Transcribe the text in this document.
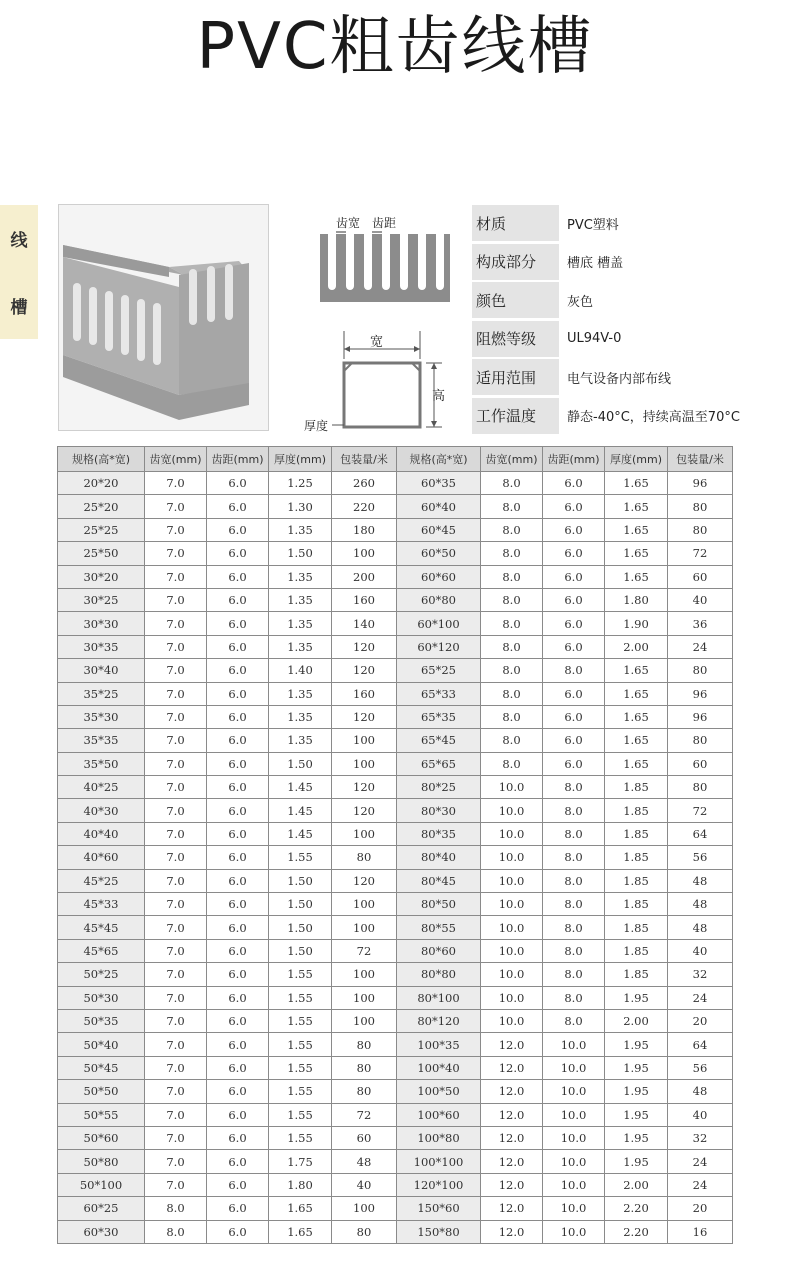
PVC粗齿线槽
线
槽
齿宽 齿距
宽
高
厚度
材质	PVC塑料
构成部分	槽底 槽盖
颜色	灰色
阻燃等级	UL94V-0
适用范围	电气设备内部布线
工作温度	静态-40°C，持续高温至70°C
规格(高*宽)	齿宽(mm)	齿距(mm)	厚度(mm)	包装量/米	规格(高*宽)	齿宽(mm)	齿距(mm)	厚度(mm)	包装量/米
20*20	7.0	6.0	1.25	260	60*35	8.0	6.0	1.65	96
25*20	7.0	6.0	1.30	220	60*40	8.0	6.0	1.65	80
25*25	7.0	6.0	1.35	180	60*45	8.0	6.0	1.65	80
25*50	7.0	6.0	1.50	100	60*50	8.0	6.0	1.65	72
30*20	7.0	6.0	1.35	200	60*60	8.0	6.0	1.65	60
30*25	7.0	6.0	1.35	160	60*80	8.0	6.0	1.80	40
30*30	7.0	6.0	1.35	140	60*100	8.0	6.0	1.90	36
30*35	7.0	6.0	1.35	120	60*120	8.0	6.0	2.00	24
30*40	7.0	6.0	1.40	120	65*25	8.0	8.0	1.65	80
35*25	7.0	6.0	1.35	160	65*33	8.0	6.0	1.65	96
35*30	7.0	6.0	1.35	120	65*35	8.0	6.0	1.65	96
35*35	7.0	6.0	1.35	100	65*45	8.0	6.0	1.65	80
35*50	7.0	6.0	1.50	100	65*65	8.0	6.0	1.65	60
40*25	7.0	6.0	1.45	120	80*25	10.0	8.0	1.85	80
40*30	7.0	6.0	1.45	120	80*30	10.0	8.0	1.85	72
40*40	7.0	6.0	1.45	100	80*35	10.0	8.0	1.85	64
40*60	7.0	6.0	1.55	80	80*40	10.0	8.0	1.85	56
45*25	7.0	6.0	1.50	120	80*45	10.0	8.0	1.85	48
45*33	7.0	6.0	1.50	100	80*50	10.0	8.0	1.85	48
45*45	7.0	6.0	1.50	100	80*55	10.0	8.0	1.85	48
45*65	7.0	6.0	1.50	72	80*60	10.0	8.0	1.85	40
50*25	7.0	6.0	1.55	100	80*80	10.0	8.0	1.85	32
50*30	7.0	6.0	1.55	100	80*100	10.0	8.0	1.95	24
50*35	7.0	6.0	1.55	100	80*120	10.0	8.0	2.00	20
50*40	7.0	6.0	1.55	80	100*35	12.0	10.0	1.95	64
50*45	7.0	6.0	1.55	80	100*40	12.0	10.0	1.95	56
50*50	7.0	6.0	1.55	80	100*50	12.0	10.0	1.95	48
50*55	7.0	6.0	1.55	72	100*60	12.0	10.0	1.95	40
50*60	7.0	6.0	1.55	60	100*80	12.0	10.0	1.95	32
50*80	7.0	6.0	1.75	48	100*100	12.0	10.0	1.95	24
50*100	7.0	6.0	1.80	40	120*100	12.0	10.0	2.00	24
60*25	8.0	6.0	1.65	100	150*60	12.0	10.0	2.20	20
60*30	8.0	6.0	1.65	80	150*80	12.0	10.0	2.20	16
